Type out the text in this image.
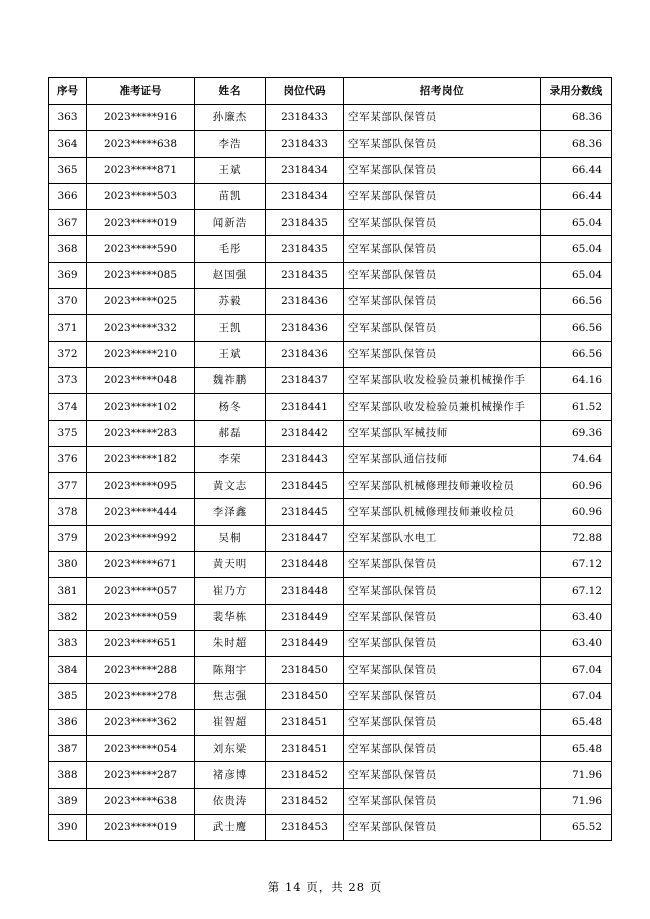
序号	准考证号	姓名	岗位代码	招考岗位	录用分数线
363	2023*****916	孙廉杰	2318433	空军某部队保管员	68.36
364	2023*****638	李浩	2318433	空军某部队保管员	68.36
365	2023*****871	王斌	2318434	空军某部队保管员	66.44
366	2023*****503	苗凯	2318434	空军某部队保管员	66.44
367	2023*****019	闻新浩	2318435	空军某部队保管员	65.04
368	2023*****590	毛彤	2318435	空军某部队保管员	65.04
369	2023*****085	赵国强	2318435	空军某部队保管员	65.04
370	2023*****025	苏毅	2318436	空军某部队保管员	66.56
371	2023*****332	王凯	2318436	空军某部队保管员	66.56
372	2023*****210	王斌	2318436	空军某部队保管员	66.56
373	2023*****048	魏祚鹏	2318437	空军某部队收发检验员兼机械操作手	64.16
374	2023*****102	杨冬	2318441	空军某部队收发检验员兼机械操作手	61.52
375	2023*****283	郝磊	2318442	空军某部队军械技师	69.36
376	2023*****182	李荣	2318443	空军某部队通信技师	74.64
377	2023*****095	黄文志	2318445	空军某部队机械修理技师兼收检员	60.96
378	2023*****444	李泽鑫	2318445	空军某部队机械修理技师兼收检员	60.96
379	2023*****992	吴桐	2318447	空军某部队水电工	72.88
380	2023*****671	黄天明	2318448	空军某部队保管员	67.12
381	2023*****057	崔乃方	2318448	空军某部队保管员	67.12
382	2023*****059	裴华栋	2318449	空军某部队保管员	63.40
383	2023*****651	朱时超	2318449	空军某部队保管员	63.40
384	2023*****288	陈翔宇	2318450	空军某部队保管员	67.04
385	2023*****278	焦志强	2318450	空军某部队保管员	67.04
386	2023*****362	崔智超	2318451	空军某部队保管员	65.48
387	2023*****054	刘东梁	2318451	空军某部队保管员	65.48
388	2023*****287	褚彦博	2318452	空军某部队保管员	71.96
389	2023*****638	依贵涛	2318452	空军某部队保管员	71.96
390	2023*****019	武士鹰	2318453	空军某部队保管员	65.52
第 14 页，共 28 页
